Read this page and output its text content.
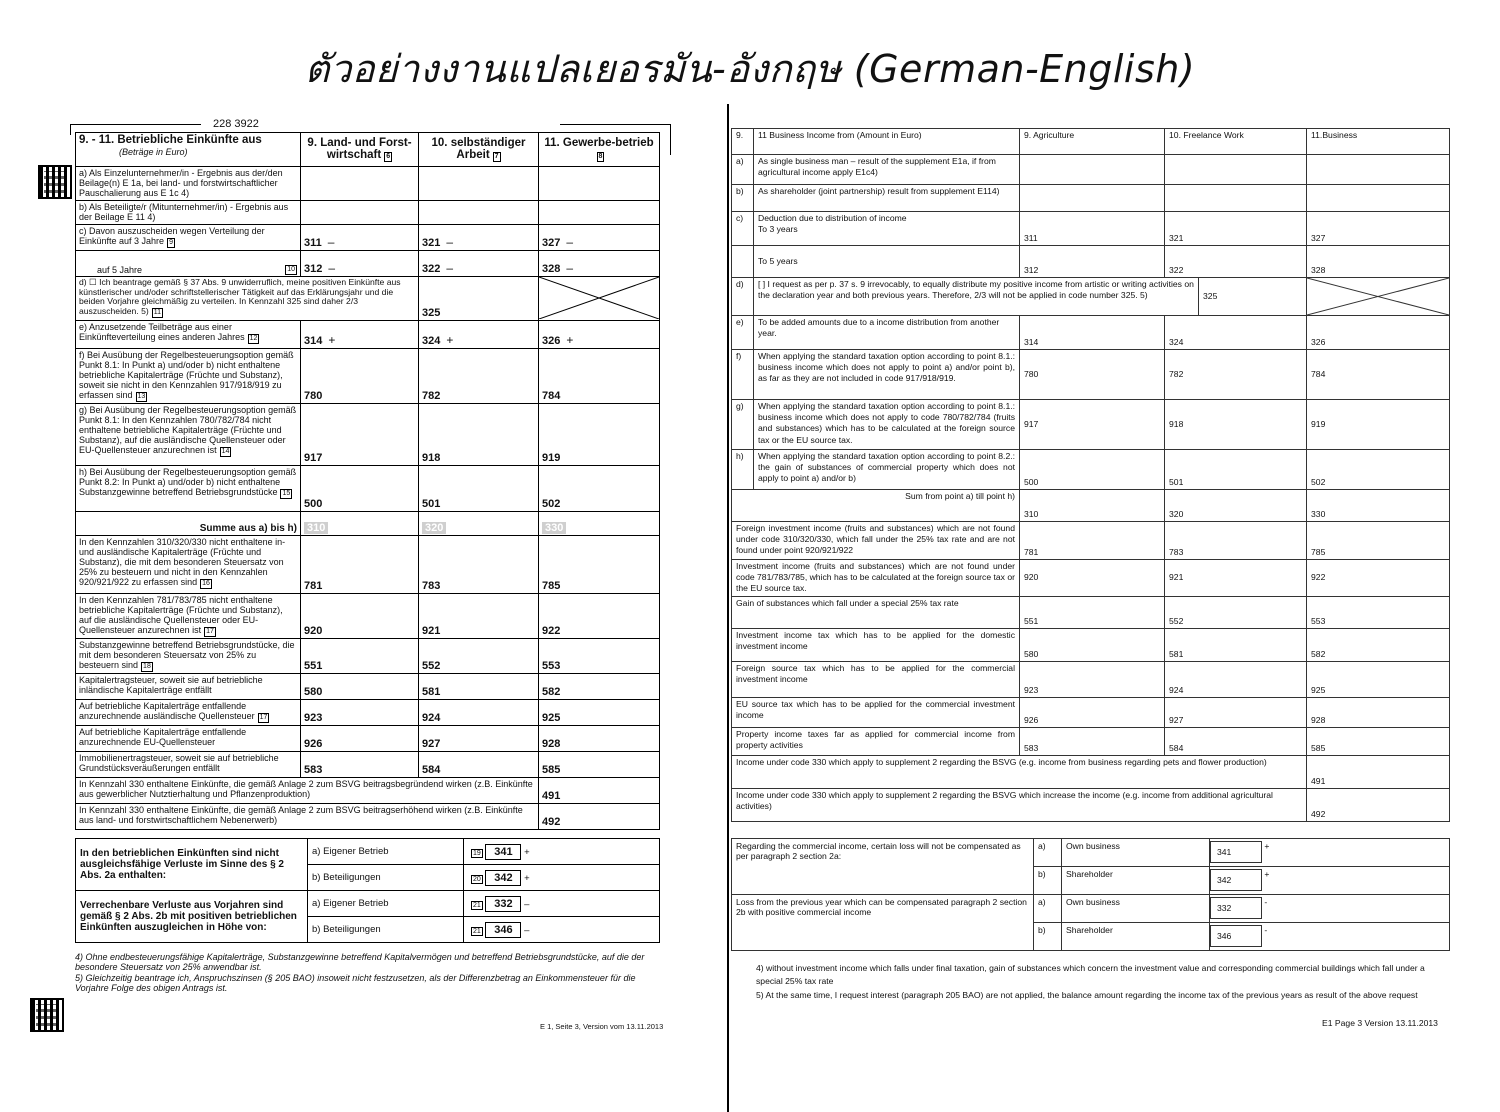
ตัวอย่างงานแปลเยอรมัน-อังกฤษ (German-English)
228 3922
9. - 11. Betriebliche Einkünfte aus
(Beträge in Euro)	9. Land- und Forst-wirtschaft 6	10. selbständiger Arbeit 7	11. Gewerbe-betrieb8
a) Als Einzelunternehmer/in - Ergebnis aus der/den Beilage(n) E 1a, bei land- und forstwirtschaftlicher Pauschalierung aus E 1c 4)			
b) Als Beteiligte/r (Mitunternehmer/in) - Ergebnis aus der Beilage E 11 4)			
c) Davon auszuscheiden wegen Verteilung der Einkünfte auf 3 Jahre 9	311 –	321 –	327 –
auf 5 Jahre 10	312 –	322 –	328 –
d) ☐ Ich beantrage gemäß § 37 Abs. 9 unwiderruflich, meine positiven Einkünfte aus künstlerischer und/oder schriftstellerischer Tätigkeit auf das Erklärungsjahr und die beiden Vorjahre gleichmäßig zu verteilen. In Kennzahl 325 sind daher 2/3 auszuscheiden. 5) 11		325	

e) Anzusetzende Teilbeträge aus einer Einkünfteverteilung eines anderen Jahres 12	314 +	324 +	326 +
f) Bei Ausübung der Regelbesteuerungsoption gemäß Punkt 8.1: In Punkt a) und/oder b) nicht enthaltene betriebliche Kapitalerträge (Früchte und Substanz), soweit sie nicht in den Kennzahlen 917/918/919 zu erfassen sind 13	780	782	784
g) Bei Ausübung der Regelbesteuerungsoption gemäß Punkt 8.1: In den Kennzahlen 780/782/784 nicht enthaltene betriebliche Kapitalerträge (Früchte und Substanz), auf die ausländische Quellensteuer oder EU-Quellensteuer anzurechnen ist 14	917	918	919
h) Bei Ausübung der Regelbesteuerungsoption gemäß Punkt 8.2: In Punkt a) und/oder b) nicht enthaltene Substanzgewinne betreffend Betriebsgrundstücke 15	500	501	502
Summe aus a) bis h)	310	320	330
In den Kennzahlen 310/320/330 nicht enthaltene in- und ausländische Kapitalerträge (Früchte und Substanz), die mit dem besonderen Steuersatz von 25% zu besteuern und nicht in den Kennzahlen 920/921/922 zu erfassen sind 16	781	783	785
In den Kennzahlen 781/783/785 nicht enthaltene betriebliche Kapitalerträge (Früchte und Substanz), auf die ausländische Quellensteuer oder EU-Quellensteuer anzurechnen ist 17	920	921	922
Substanzgewinne betreffend Betriebsgrundstücke, die mit dem besonderen Steuersatz von 25% zu besteuern sind 18	551	552	553
Kapitalertragsteuer, soweit sie auf betriebliche inländische Kapitalerträge entfällt	580	581	582
Auf betriebliche Kapitalerträge entfallende anzurechnende ausländische Quellensteuer 17	923	924	925
Auf betriebliche Kapitalerträge entfallende anzurechnende EU-Quellensteuer	926	927	928
Immobilienertragsteuer, soweit sie auf betriebliche Grundstücksveräußerungen entfällt	583	584	585
In Kennzahl 330 enthaltene Einkünfte, die gemäß Anlage 2 zum BSVG beitragsbegründend wirken (z.B. Einkünfte aus gewerblicher Nutztierhaltung und Pflanzenproduktion)			491
In Kennzahl 330 enthaltene Einkünfte, die gemäß Anlage 2 zum BSVG beitragserhöhend wirken (z.B. Einkünfte aus land- und forstwirtschaftlichem Nebenerwerb)			492
In den betrieblichen Einkünften sind nicht ausgleichsfähige Verluste im Sinne des § 2 Abs. 2a enthalten:	a) Eigener Betrieb	19 341 +
	b) Beteiligungen	20 342 +
Verrechenbare Verluste aus Vorjahren sind gemäß § 2 Abs. 2b mit positiven betrieblichen Einkünften auszugleichen in Höhe von:	a) Eigener Betrieb	21 332 –
	b) Beteiligungen	21 346 –
4) Ohne endbesteuerungsfähige Kapitalerträge, Substanzgewinne betreffend Kapitalvermögen und betreffend Betriebsgrundstücke, auf die der besondere Steuersatz von 25% anwendbar ist.
5) Gleichzeitig beantrage ich, Anspruchszinsen (§ 205 BAO) insoweit nicht festzusetzen, als der Differenzbetrag an Einkommensteuer für die Vorjahre Folge des obigen Antrags ist.
E 1, Seite 3, Version vom 13.11.2013
9.	11 Business Income from (Amount in Euro)	9. Agriculture	10. Freelance Work		11.Business
a)	As single business man – result of the supplement E1a, if from agricultural income apply E1c4)				
b)	As shareholder (joint partnership) result from supplement E114)				
c)	Deduction due to distribution of income
To 3 years	311	321		327
	To 5 years	312	322		328
d)	[ ] I request as per p. 37 s. 9 irrevocably, to equally distribute my positive income from artistic or writing activities on the declaration year and both previous years. Therefore, 2/3 will not be applied in code number 325. 5)			325	

e)	To be added amounts due to a income distribution from another year.	314	324		326
f)	When applying the standard taxation option according to point 8.1.: business income which does not apply to point a) and/or point b), as far as they are not included in code 917/918/919.	780	782		784
g)	When applying the standard taxation option according to point 8.1.: business income which does not apply to code 780/782/784 (fruits and substances) which has to be calculated at the foreign source tax or the EU source tax.	917	918		919
h)	When applying the standard taxation option according to point 8.2.: the gain of substances of commercial property which does not apply to point a) and/or b)	500	501		502
Sum from point a) till point h)		310	320		330
Foreign investment income (fruits and substances) which are not found under code 310/320/330, which fall under the 25% tax rate and are not found under point 920/921/922		781	783		785
Investment income (fruits and substances) which are not found under code 781/783/785, which has to be calculated at the foreign source tax or the EU source tax.		920	921		922
Gain of substances which fall under a special 25% tax rate		551	552		553
Investment income tax which has to be applied for the domestic investment income		580	581		582
Foreign source tax which has to be applied for the commercial investment income		923	924		925
EU source tax which has to be applied for the commercial investment income		926	927		928
Property income taxes far as applied for commercial income from property activities		583	584		585
Income under code 330 which apply to supplement 2 regarding the BSVG (e.g. income from business regarding pets and flower production)					491
Income under code 330 which apply to supplement 2 regarding the BSVG which increase the income (e.g. income from additional agricultural activities)					492
Regarding the commercial income, certain loss will not be compensated as per paragraph 2 section 2a:	a)	Own business	341 +
	b)	Shareholder	342 +
Loss from the previous year which can be compensated paragraph 2 section 2b with positive commercial income	a)	Own business	332 -
	b)	Shareholder	346 -
4) without investment income which falls under final taxation, gain of substances which concern the investment value and corresponding commercial buildings which fall under a special 25% tax rate
5) At the same time, I request interest (paragraph 205 BAO) are not applied, the balance amount regarding the income tax of the previous years as result of the above request
E1 Page 3 Version 13.11.2013
